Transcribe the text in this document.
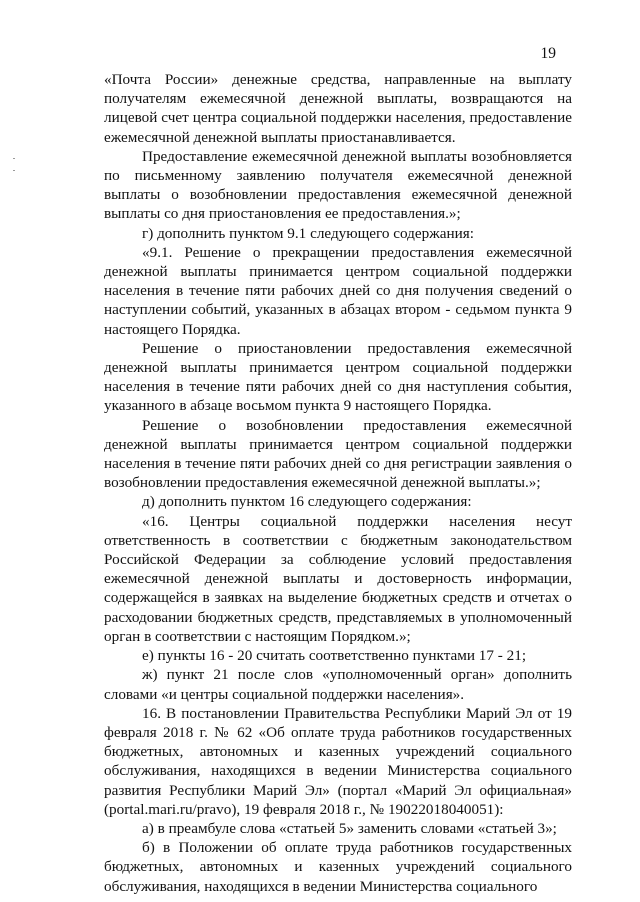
19

«Почта России» денежные средства, направленные на выплату получателям ежемесячной денежной выплаты, возвращаются на лицевой счет центра социальной поддержки населения, предоставление ежемесячной денежной выплаты приостанавливается.

Предоставление ежемесячной денежной выплаты возобновляется по письменному заявлению получателя ежемесячной денежной выплаты о возобновлении предоставления ежемесячной денежной выплаты со дня приостановления ее предоставления.»;

г) дополнить пунктом 9.1 следующего содержания:

«9.1. Решение о прекращении предоставления ежемесячной денежной выплаты принимается центром социальной поддержки населения в течение пяти рабочих дней со дня получения сведений о наступлении событий, указанных в абзацах втором - седьмом пункта 9 настоящего Порядка.

Решение о приостановлении предоставления ежемесячной денежной выплаты принимается центром социальной поддержки населения в течение пяти рабочих дней со дня наступления события, указанного в абзаце восьмом пункта 9 настоящего Порядка.

Решение о возобновлении предоставления ежемесячной денежной выплаты принимается центром социальной поддержки населения в течение пяти рабочих дней со дня регистрации заявления о возобновлении предоставления ежемесячной денежной выплаты.»;

д) дополнить пунктом 16 следующего содержания:

«16. Центры социальной поддержки населения несут ответственность в соответствии с бюджетным законодательством Российской Федерации за соблюдение условий предоставления ежемесячной денежной выплаты и достоверность информации, содержащейся в заявках на выделение бюджетных средств и отчетах о расходовании бюджетных средств, представляемых в уполномоченный орган в соответствии с настоящим Порядком.»;

е) пункты 16 - 20 считать соответственно пунктами 17 - 21;

ж) пункт 21 после слов «уполномоченный орган» дополнить словами «и центры социальной поддержки населения».

16. В постановлении Правительства Республики Марий Эл от 19 февраля 2018 г. № 62 «Об оплате труда работников государственных бюджетных, автономных и казенных учреждений социального обслуживания, находящихся в ведении Министерства социального развития Республики Марий Эл» (портал «Марий Эл официальная» (portal.mari.ru/pravo), 19 февраля 2018 г., № 19022018040051):

а) в преамбуле слова «статьей 5» заменить словами «статьей 3»;

б) в Положении об оплате труда работников государственных бюджетных, автономных и казенных учреждений социального обслуживания, находящихся в ведении Министерства социального
